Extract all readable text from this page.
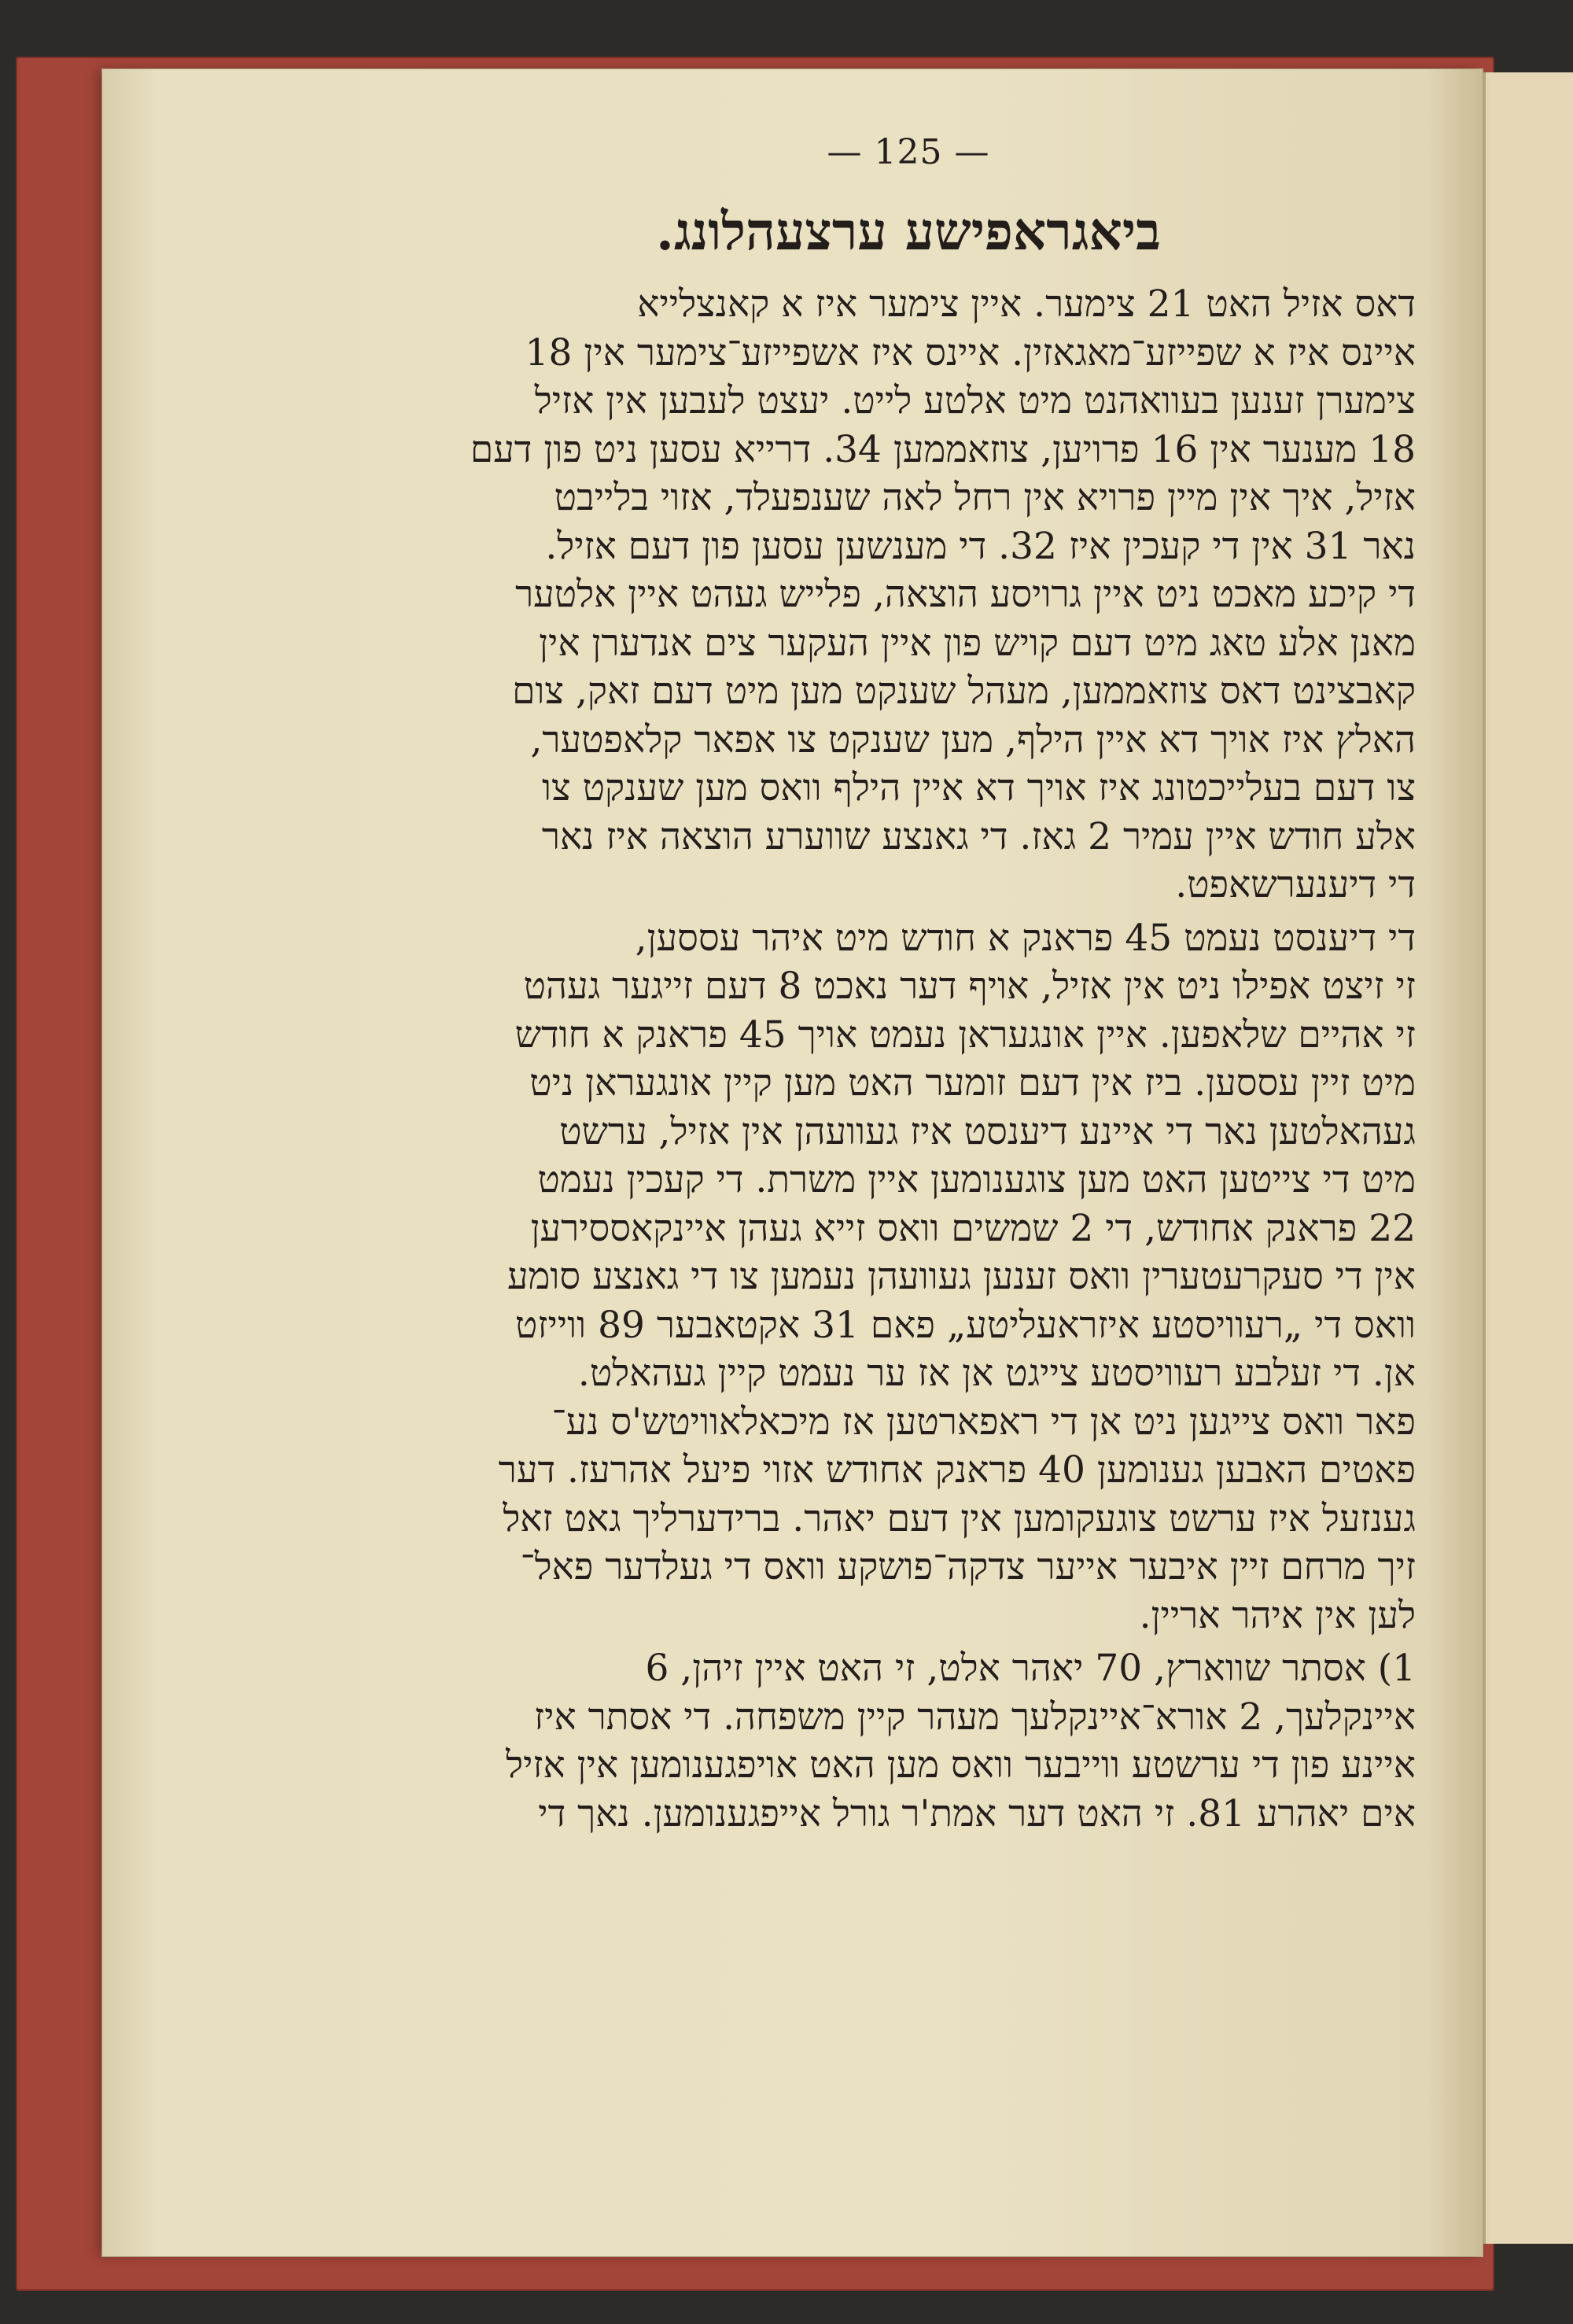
— 125 —
ביאגראפישע ערצעהלונג.
דאס אזיל האט 21 צימער. איין צימער איז א קאנצלייא
איינס איז א שפייזע־מאגאזין. איינס איז אשפייזע־צימער אין 18
צימערן זענען בעוואהנט מיט אלטע לייט. יעצט לעבען אין אזיל
18 מענער אין 16 פרויען, צוזאממען 34. דרייא עסען ניט פון דעם
אזיל, איך אין מיין פרויא אין רחל לאה שענפעלד, אזוי בלייבט
נאר 31 אין די קעכין איז 32. די מענשען עסען פון דעם אזיל.
די קיכע מאכט ניט איין גרויסע הוצאה, פלייש געהט איין אלטער
מאנן אלע טאג מיט דעם קויש פון איין העקער צים אנדערן אין
קאבצינט דאס צוזאממען, מעהל שענקט מען מיט דעם זאק, צום
האלץ איז אויך דא איין הילף, מען שענקט צו אפאר קלאפטער,
צו דעם בעלייכטונג איז אויך דא איין הילף וואס מען שענקט צו
אלע חודש איין עמיר 2 גאז. די גאנצע שווערע הוצאה איז נאר
די דיענערשאפט.
די דיענסט נעמט 45 פראנק א חודש מיט איהר עססען,
זי זיצט אפילו ניט אין אזיל, אויף דער נאכט 8 דעם זייגער געהט
זי אהיים שלאפען. איין אונגעראן נעמט אויך 45 פראנק א חודש
מיט זיין עססען. ביז אין דעם זומער האט מען קיין אונגעראן ניט
געהאלטען נאר די איינע דיענסט איז געוועהן אין אזיל, ערשט
מיט די צייטען האט מען צוגענומען איין משרת. די קעכין נעמט
22 פראנק אחודש, די 2 שמשים וואס זייא געהן איינקאססירען
אין די סעקרעטערין וואס זענען געוועהן נעמען צו די גאנצע סומע
וואס די „רעוויסטע איזראעליטע„ פאם 31 אקטאבער 89 ווייזט
אן. די זעלבע רעוויסטע צייגט אן אז ער נעמט קיין געהאלט.
פאר וואס צייגען ניט אן די ראפארטען אז מיכאלאוויטש'ס נע־
פאטים האבען גענומען 40 פראנק אחודש אזוי פיעל אהרעז. דער
גענזעל איז ערשט צוגעקומען אין דעם יאהר. ברידערליך גאט זאל
זיך מרחם זיין איבער אייער צדקה־פושקע וואס די געלדער פאל־
לען אין איהר אריין.
1) אסתר שווארץ, 70 יאהר אלט, זי האט איין זיהן, 6
איינקלעך, 2 אורא־איינקלעך מעהר קיין משפחה. די אסתר איז
איינע פון די ערשטע ווייבער וואס מען האט אויפגענומען אין אזיל
אים יאהרע 81. זי האט דער אמת'ר גורל אייפגענומען. נאך די
